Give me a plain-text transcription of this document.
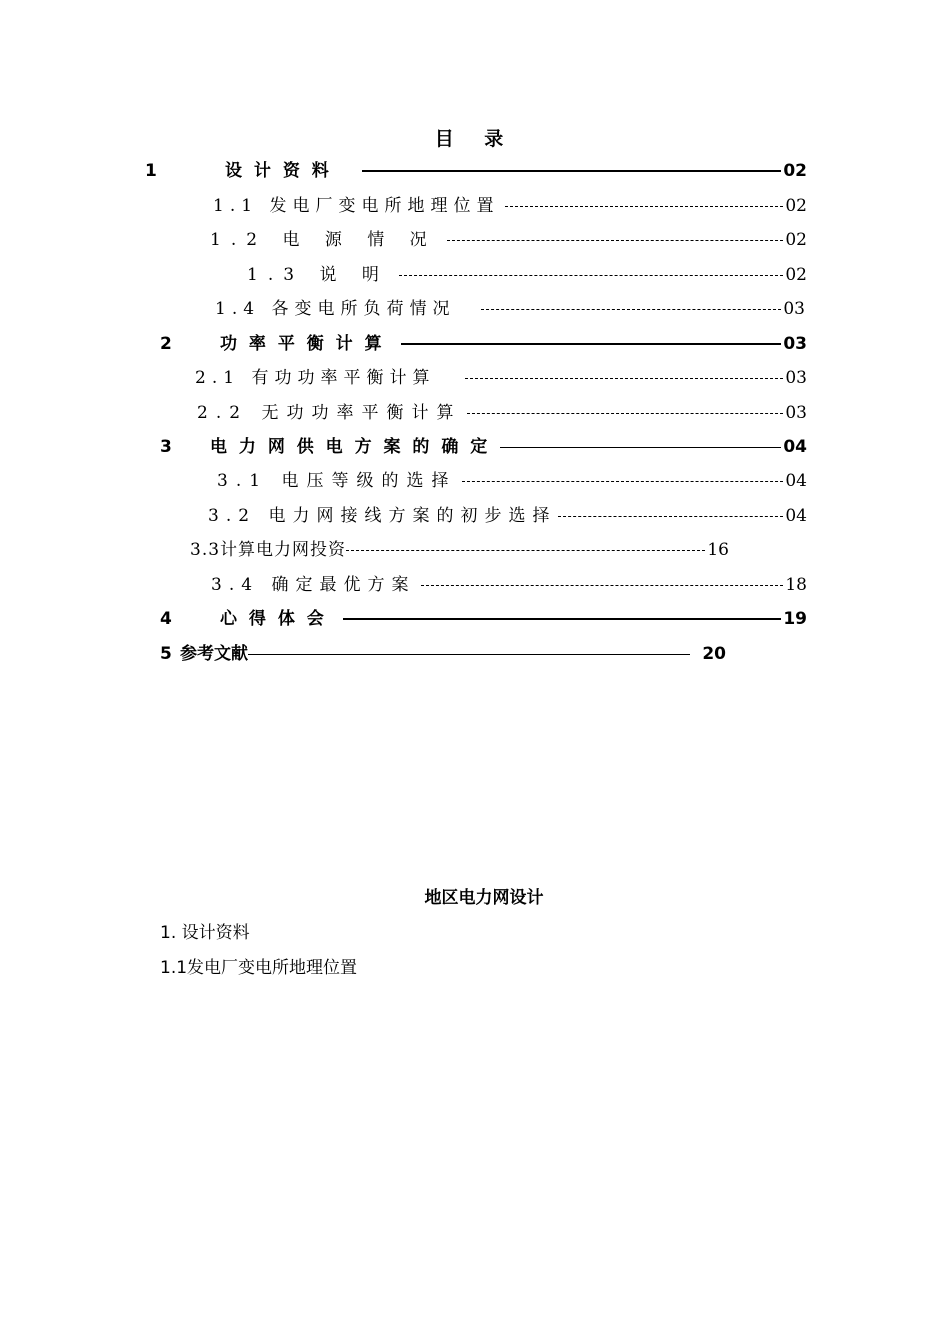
目 录
1	设 计 资 料	02
1.1 发电厂变电所地理位置	02
1.2 电 源 情 况	02
1.3 说 明	02
1.4 各变电所负荷情况	03
2	功 率 平 衡 计 算	03
2.1 有功功率平衡计算	03
2.2 无功功率平衡计算	03
3	电 力 网 供 电 方 案 的 确 定	04
3.1 电压等级的选择	04
3.2 电力网接线方案的初步选择	04
3.3计算电力网投资	16
3.4 确定最优方案	18
4	心 得 体 会	19
5 参考文献	20
地区电力网设计
1. 设计资料
1.1发电厂变电所地理位置
